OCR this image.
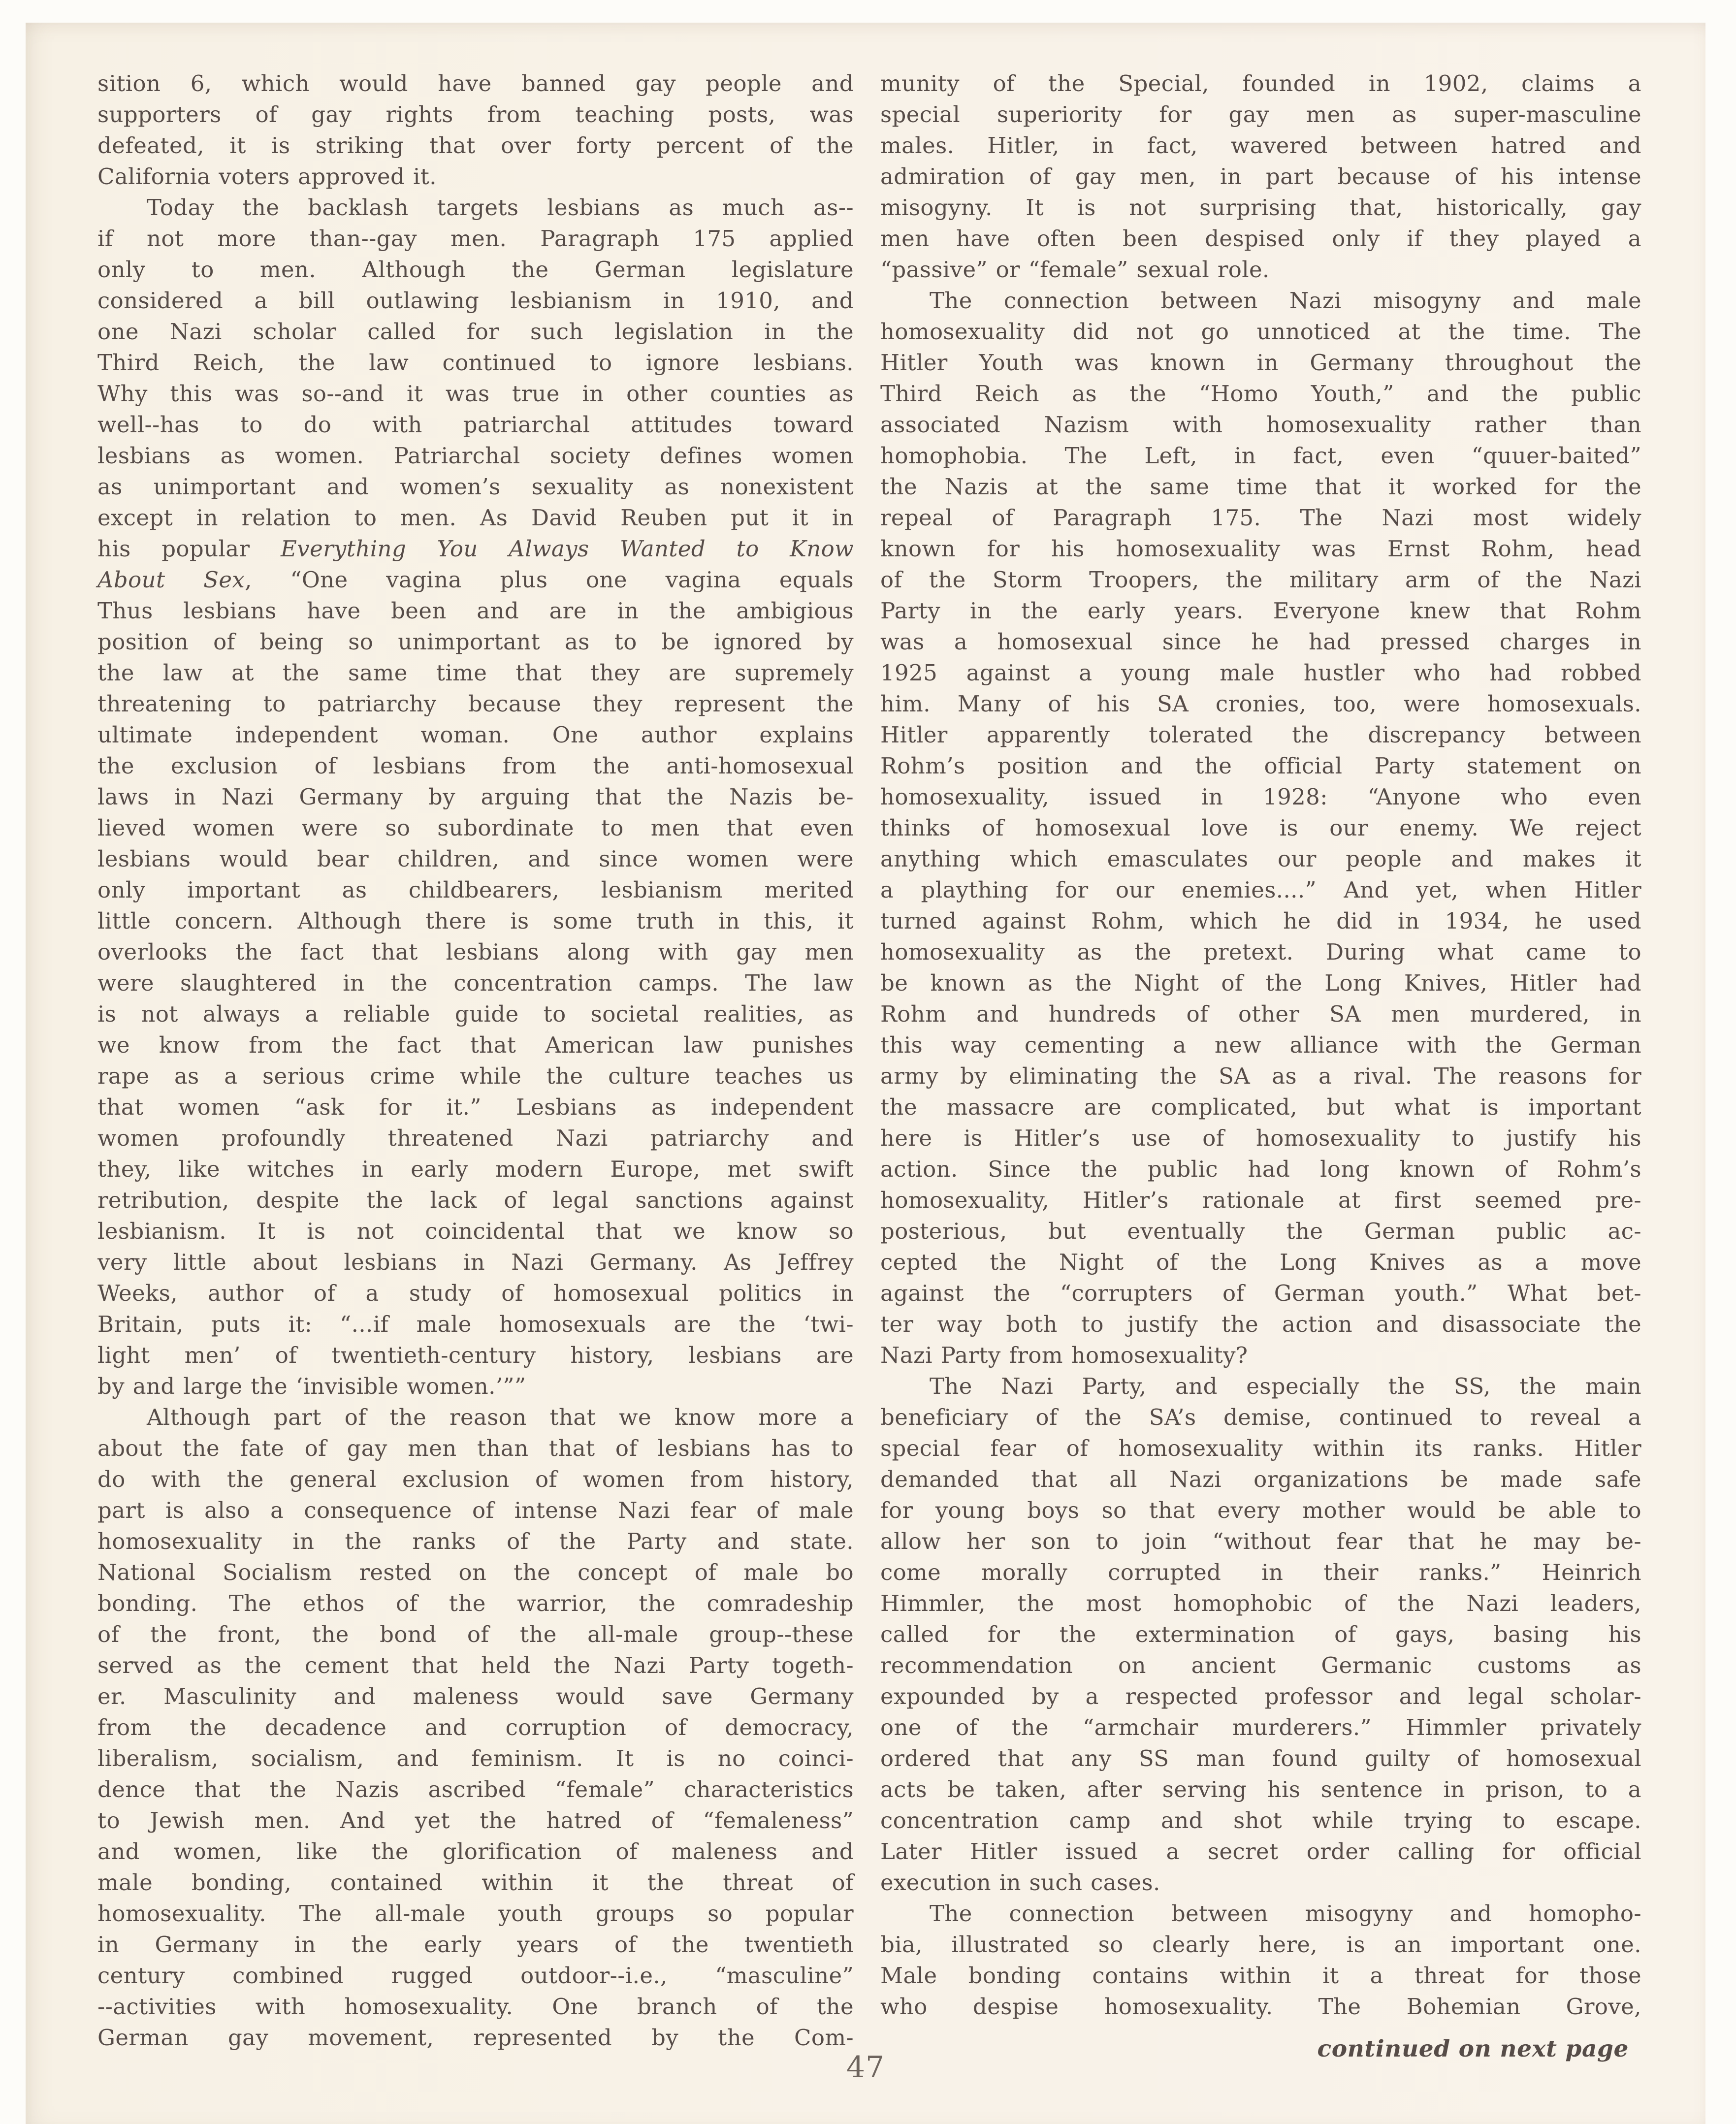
sition 6, which would have banned gay people and
supporters of gay rights from teaching posts, was
defeated, it is striking that over forty percent of the
California voters approved it.
Today the backlash targets lesbians as much as--
if not more than--gay men. Paragraph 175 applied
only to men. Although the German legislature
considered a bill outlawing lesbianism in 1910, and
one Nazi scholar called for such legislation in the
Third Reich, the law continued to ignore lesbians.
Why this was so--and it was true in other counties as
well--has to do with patriarchal attitudes toward
lesbians as women. Patriarchal society defines women
as unimportant and women’s sexuality as nonexistent
except in relation to men. As David Reuben put it in
his popular Everything You Always Wanted to Know
About Sex, “One vagina plus one vagina equals
Thus lesbians have been and are in the ambigious
position of being so unimportant as to be ignored by
the law at the same time that they are supremely
threatening to patriarchy because they represent the
ultimate independent woman. One author explains
the exclusion of lesbians from the anti-homosexual
laws in Nazi Germany by arguing that the Nazis be-
lieved women were so subordinate to men that even
lesbians would bear children, and since women were
only important as childbearers, lesbianism merited
little concern. Although there is some truth in this, it
overlooks the fact that lesbians along with gay men
were slaughtered in the concentration camps. The law
is not always a reliable guide to societal realities, as
we know from the fact that American law punishes
rape as a serious crime while the culture teaches us
that women “ask for it.” Lesbians as independent
women profoundly threatened Nazi patriarchy and
they, like witches in early modern Europe, met swift
retribution, despite the lack of legal sanctions against
lesbianism. It is not coincidental that we know so
very little about lesbians in Nazi Germany. As Jeffrey
Weeks, author of a study of homosexual politics in
Britain, puts it: “...if male homosexuals are the ‘twi-
light men’ of twentieth-century history, lesbians are
by and large the ‘invisible women.’””
Although part of the reason that we know more a
about the fate of gay men than that of lesbians has to
do with the general exclusion of women from history,
part is also a consequence of intense Nazi fear of male
homosexuality in the ranks of the Party and state.
National Socialism rested on the concept of male bo
bonding. The ethos of the warrior, the comradeship
of the front, the bond of the all-male group--these
served as the cement that held the Nazi Party togeth-
er. Masculinity and maleness would save Germany
from the decadence and corruption of democracy,
liberalism, socialism, and feminism. It is no coinci-
dence that the Nazis ascribed “female” characteristics
to Jewish men. And yet the hatred of “femaleness”
and women, like the glorification of maleness and
male bonding, contained within it the threat of
homosexuality. The all-male youth groups so popular
in Germany in the early years of the twentieth
century combined rugged outdoor--i.e., “masculine”
--activities with homosexuality. One branch of the
German gay movement, represented by the Com-
munity of the Special, founded in 1902, claims a
special superiority for gay men as super-masculine
males. Hitler, in fact, wavered between hatred and
admiration of gay men, in part because of his intense
misogyny. It is not surprising that, historically, gay
men have often been despised only if they played a
“passive” or “female” sexual role.
The connection between Nazi misogyny and male
homosexuality did not go unnoticed at the time. The
Hitler Youth was known in Germany throughout the
Third Reich as the “Homo Youth,” and the public
associated Nazism with homosexuality rather than
homophobia. The Left, in fact, even “quuer-baited”
the Nazis at the same time that it worked for the
repeal of Paragraph 175. The Nazi most widely
known for his homosexuality was Ernst Rohm, head
of the Storm Troopers, the military arm of the Nazi
Party in the early years. Everyone knew that Rohm
was a homosexual since he had pressed charges in
1925 against a young male hustler who had robbed
him. Many of his SA cronies, too, were homosexuals.
Hitler apparently tolerated the discrepancy between
Rohm’s position and the official Party statement on
homosexuality, issued in 1928: “Anyone who even
thinks of homosexual love is our enemy. We reject
anything which emasculates our people and makes it
a plaything for our enemies....” And yet, when Hitler
turned against Rohm, which he did in 1934, he used
homosexuality as the pretext. During what came to
be known as the Night of the Long Knives, Hitler had
Rohm and hundreds of other SA men murdered, in
this way cementing a new alliance with the German
army by eliminating the SA as a rival. The reasons for
the massacre are complicated, but what is important
here is Hitler’s use of homosexuality to justify his
action. Since the public had long known of Rohm’s
homosexuality, Hitler’s rationale at first seemed pre-
posterious, but eventually the German public ac-
cepted the Night of the Long Knives as a move
against the “corrupters of German youth.” What bet-
ter way both to justify the action and disassociate the
Nazi Party from homosexuality?
The Nazi Party, and especially the SS, the main
beneficiary of the SA’s demise, continued to reveal a
special fear of homosexuality within its ranks. Hitler
demanded that all Nazi organizations be made safe
for young boys so that every mother would be able to
allow her son to join “without fear that he may be-
come morally corrupted in their ranks.” Heinrich
Himmler, the most homophobic of the Nazi leaders,
called for the extermination of gays, basing his
recommendation on ancient Germanic customs as
expounded by a respected professor and legal scholar-
one of the “armchair murderers.” Himmler privately
ordered that any SS man found guilty of homosexual
acts be taken, after serving his sentence in prison, to a
concentration camp and shot while trying to escape.
Later Hitler issued a secret order calling for official
execution in such cases.
The connection between misogyny and homopho-
bia, illustrated so clearly here, is an important one.
Male bonding contains within it a threat for those
who despise homosexuality. The Bohemian Grove,
continued on next page
47
